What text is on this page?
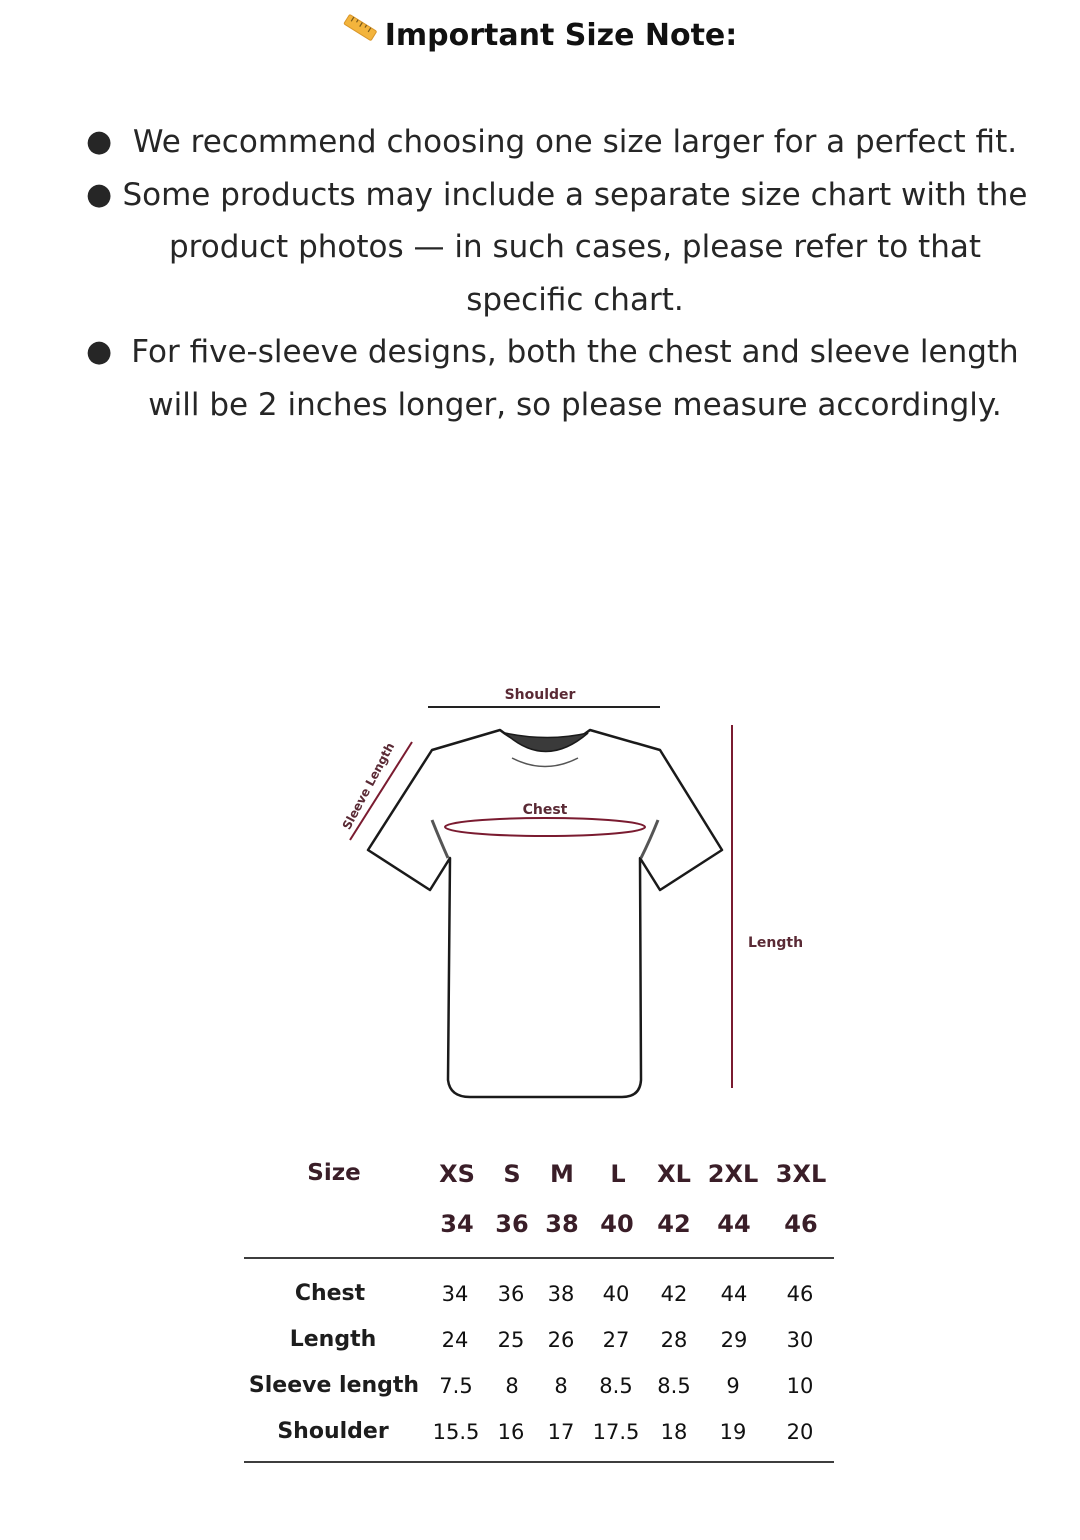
Important Size Note:
● We recommend choosing one size larger for a perfect fit.
● Some products may include a separate size chart with the product photos — in such cases, please refer to that specific chart.
● For five-sleeve designs, both the chest and sleeve length will be 2 inches longer, so please measure accordingly.
Shoulder
Chest
Sleeve Length
Length
Size	XS S M L XL 2XL 3XL
34 36 38 40 42 44 46
Chest	34 36 38 40 42 44 46
Length	24 25 26 27 28 29 30
Sleeve length 7.5 8 8 8.5 8.5 9 10
Shoulder 15.5 16 17 17.5 18 19 20
